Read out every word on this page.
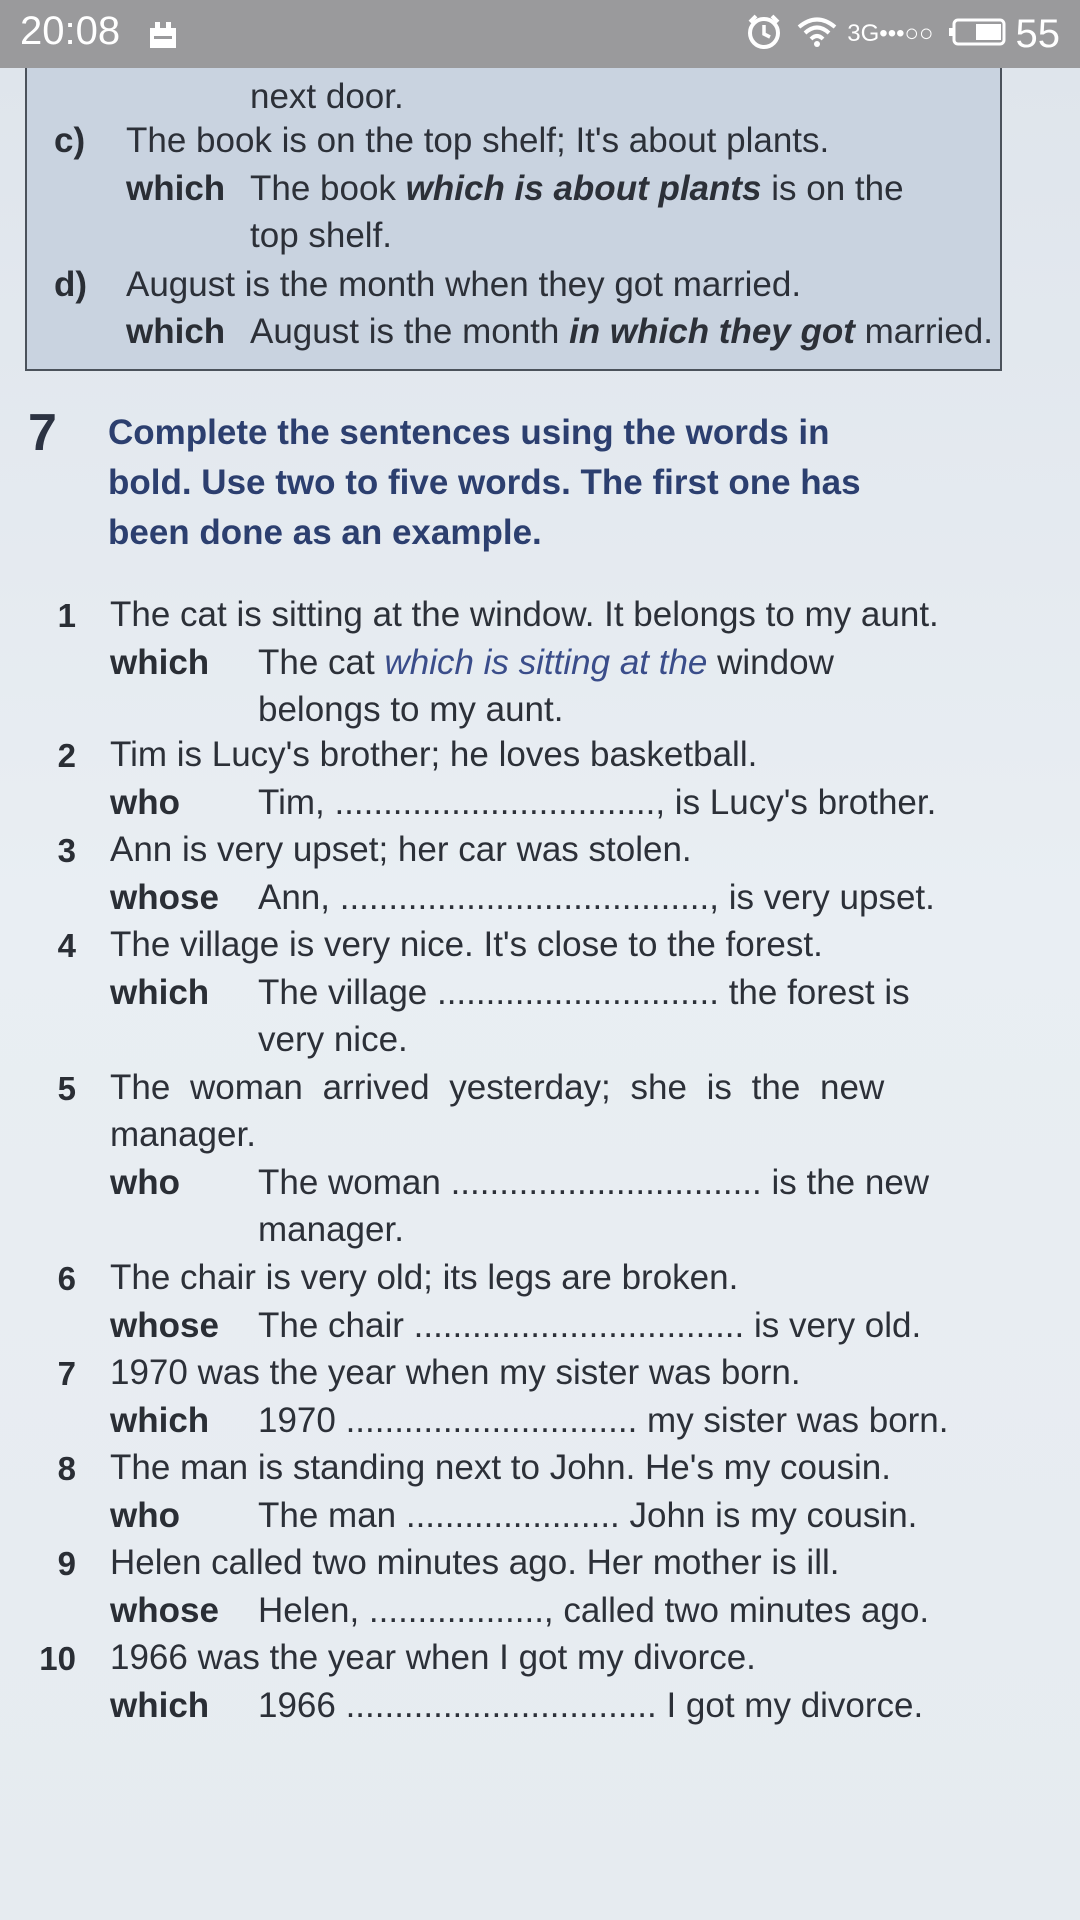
20:08	3G•••○○ 55
next door.
c) The book is on the top shelf; It's about plants.
which The book which is about plants is on the
top shelf.
d) August is the month when they got married.
which August is the month in which they got married.
7 Complete the sentences using the words in
bold. Use two to five words. The first one has
been done as an example.
1 The cat is sitting at the window. It belongs to my aunt.
which The cat which is sitting at the window
belongs to my aunt.
2 Tim is Lucy's brother; he loves basketball.
who Tim, ................................., is Lucy's brother.
3 Ann is very upset; her car was stolen.
whose Ann, ......................................, is very upset.
4 The village is very nice. It's close to the forest.
which The village ............................. the forest is
very nice.
5 The woman arrived yesterday; she is the new
manager.
who The woman ................................ is the new
manager.
6 The chair is very old; its legs are broken.
whose The chair .................................. is very old.
7 1970 was the year when my sister was born.
which 1970 .............................. my sister was born.
8 The man is standing next to John. He's my cousin.
who The man ...................... John is my cousin.
9 Helen called two minutes ago. Her mother is ill.
whose Helen, .................., called two minutes ago.
10 1966 was the year when I got my divorce.
which 1966 ................................ I got my divorce.
